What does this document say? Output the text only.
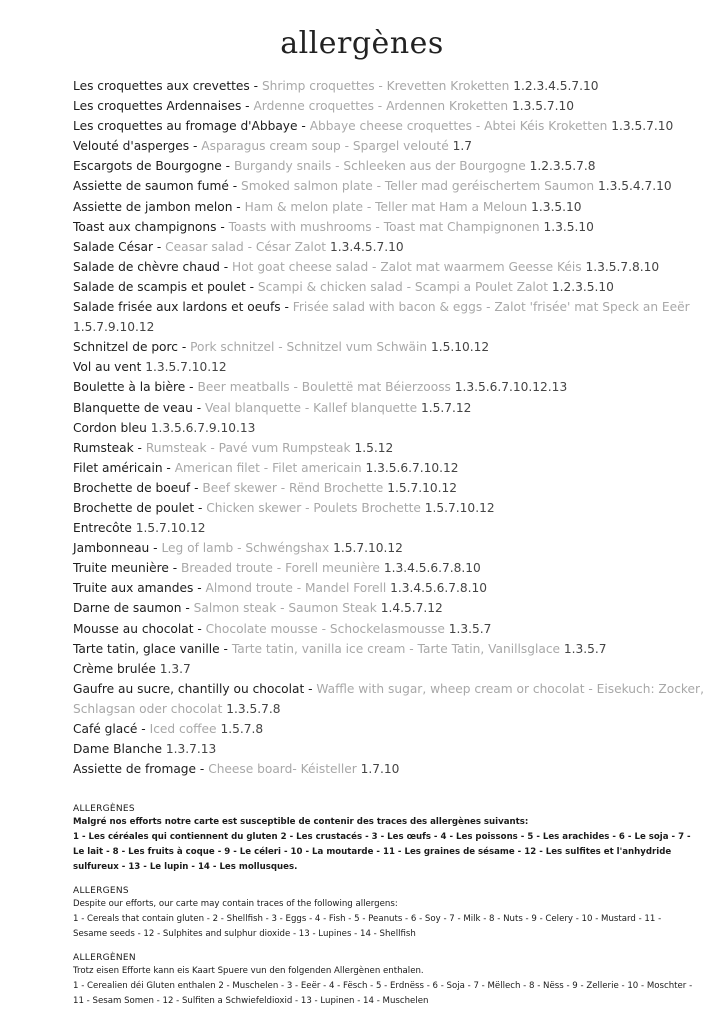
allergènes
Les croquettes aux crevettes - Shrimp croquettes - Krevetten Kroketten 1.2.3.4.5.7.10
Les croquettes Ardennaises - Ardenne croquettes - Ardennen Kroketten 1.3.5.7.10
Les croquettes au fromage d'Abbaye - Abbaye cheese croquettes - Abtei Kéis Kroketten 1.3.5.7.10
Velouté d'asperges - Asparagus cream soup - Spargel velouté 1.7
Escargots de Bourgogne - Burgandy snails - Schleeken aus der Bourgogne 1.2.3.5.7.8
Assiette de saumon fumé - Smoked salmon plate - Teller mad geréischertem Saumon 1.3.5.4.7.10
Assiette de jambon melon - Ham & melon plate - Teller mat Ham a Meloun 1.3.5.10
Toast aux champignons - Toasts with mushrooms - Toast mat Champignonen 1.3.5.10
Salade César - Ceasar salad - César Zalot 1.3.4.5.7.10
Salade de chèvre chaud - Hot goat cheese salad - Zalot mat waarmem Geesse Kéis 1.3.5.7.8.10
Salade de scampis et poulet - Scampi & chicken salad - Scampi a Poulet Zalot 1.2.3.5.10
Salade frisée aux lardons et oeufs - Frisée salad with bacon & eggs - Zalot 'frisée' mat Speck an Eeër 1.5.7.9.10.12
Schnitzel de porc - Pork schnitzel - Schnitzel vum Schwäin 1.5.10.12
Vol au vent 1.3.5.7.10.12
Boulette à la bière - Beer meatballs - Boulettë mat Béierzooss 1.3.5.6.7.10.12.13
Blanquette de veau - Veal blanquette - Kallef blanquette 1.5.7.12
Cordon bleu 1.3.5.6.7.9.10.13
Rumsteak - Rumsteak - Pavé vum Rumpsteak 1.5.12
Filet américain - American filet - Filet americain 1.3.5.6.7.10.12
Brochette de boeuf - Beef skewer - Rënd Brochette 1.5.7.10.12
Brochette de poulet - Chicken skewer - Poulets Brochette 1.5.7.10.12
Entrecôte 1.5.7.10.12
Jambonneau - Leg of lamb - Schwéngshax 1.5.7.10.12
Truite meunière - Breaded troute - Forell meunière 1.3.4.5.6.7.8.10
Truite aux amandes - Almond troute - Mandel Forell 1.3.4.5.6.7.8.10
Darne de saumon - Salmon steak - Saumon Steak 1.4.5.7.12
Mousse au chocolat - Chocolate mousse - Schockelasmousse 1.3.5.7
Tarte tatin, glace vanille - Tarte tatin, vanilla ice cream - Tarte Tatin, Vanillsglace 1.3.5.7
Crème brulée 1.3.7
Gaufre au sucre, chantilly ou chocolat - Waffle with sugar, wheep cream or chocolat - Eisekuch: Zocker, Schlagsan oder chocolat 1.3.5.7.8
Café glacé - Iced coffee 1.5.7.8
Dame Blanche 1.3.7.13
Assiette de fromage - Cheese board- Kéisteller 1.7.10
ALLERGÈNES
Malgré nos efforts notre carte est susceptible de contenir des traces des allergènes suivants:
1 - Les céréales qui contiennent du gluten 2 - Les crustacés - 3 - Les œufs - 4 - Les poissons - 5 - Les arachides - 6 - Le soja - 7 - Le lait - 8 - Les fruits à coque - 9 - Le céleri - 10 - La moutarde - 11 - Les graines de sésame - 12 - Les sulfites et l'anhydride sulfureux - 13 - Le lupin - 14 - Les mollusques.
ALLERGENS
Despite our efforts, our carte may contain traces of the following allergens:
1 - Cereals that contain gluten - 2 - Shellfish - 3 - Eggs - 4 - Fish - 5 - Peanuts - 6 - Soy - 7 - Milk - 8 - Nuts - 9 - Celery - 10 - Mustard - 11 - Sesame seeds - 12 - Sulphites and sulphur dioxide - 13 - Lupines - 14 - Shellfish
ALLERGÈNEN
Trotz eisen Efforte kann eis Kaart Spuere vun den folgenden Allergènen enthalen.
1 - Cerealien déi Gluten enthalen 2 - Muschelen - 3 - Eeër - 4 - Fësch - 5 - Erdnëss - 6 - Soja - 7 - Mëllech - 8 - Nëss - 9 - Zellerie - 10 - Moschter - 11 - Sesam Somen - 12 - Sulfiten a Schwiefeldioxid - 13 - Lupinen - 14 - Muschelen
